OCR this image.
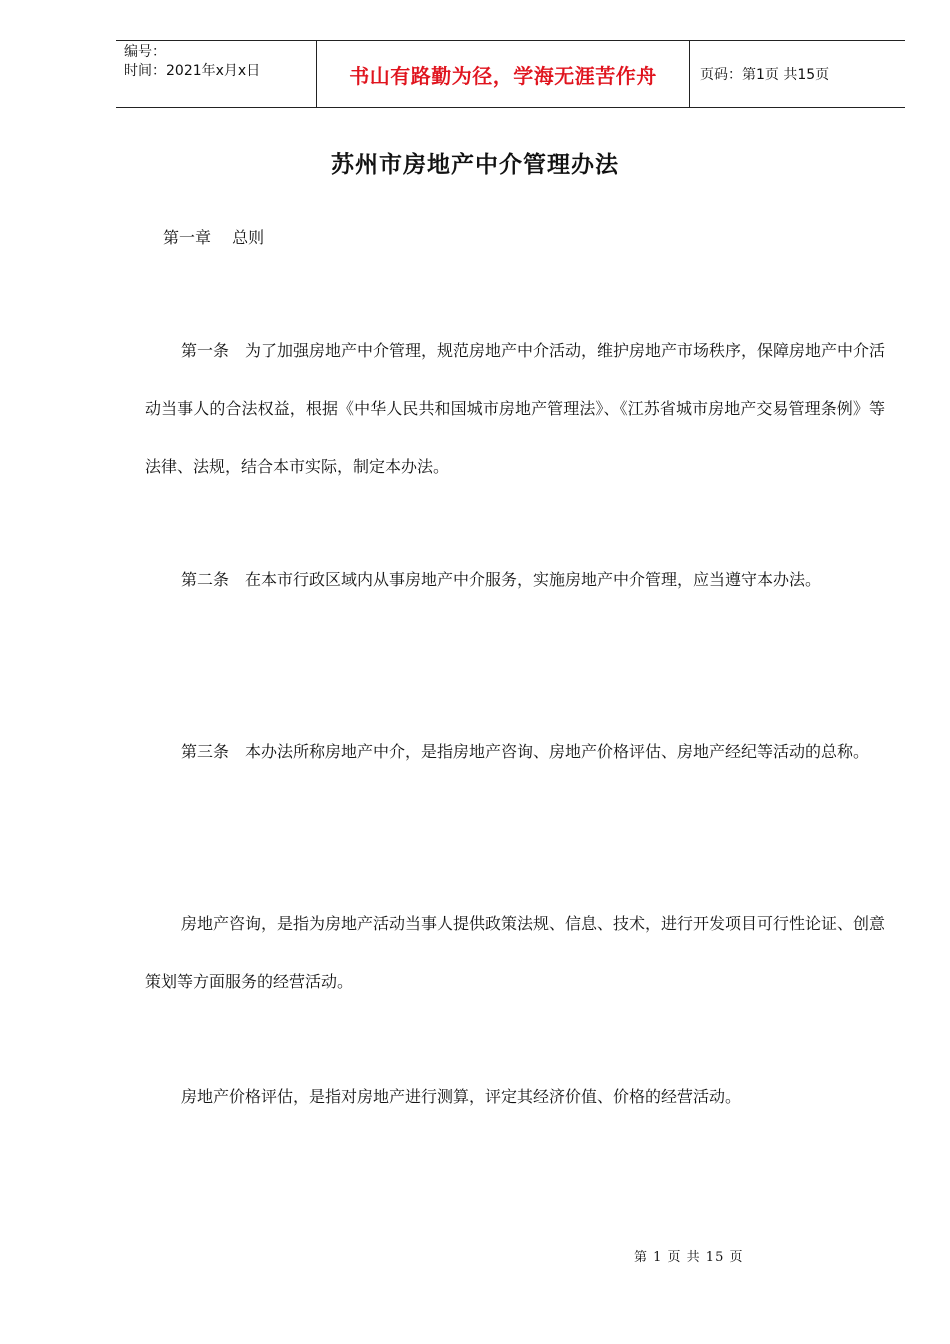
编号：
时间：2021年x月x日	书山有路勤为径，学海无涯苦作舟	页码：第1页 共15页
苏州市房地产中介管理办法
第一章　 总则

第一条　为了加强房地产中介管理，规范房地产中介活动，维护房地产市场秩序，保障房地产中介活动当事人的合法权益，根据《中华人民共和国城市房地产管理法》、《江苏省城市房地产交易管理条例》等法律、法规，结合本市实际，制定本办法。

第二条　在本市行政区域内从事房地产中介服务，实施房地产中介管理，应当遵守本办法。

第三条　本办法所称房地产中介，是指房地产咨询、房地产价格评估、房地产经纪等活动的总称。

房地产咨询，是指为房地产活动当事人提供政策法规、信息、技术，进行开发项目可行性论证、创意策划等方面服务的经营活动。

房地产价格评估，是指对房地产进行测算，评定其经济价值、价格的经营活动。

第 1 页 共 15 页
